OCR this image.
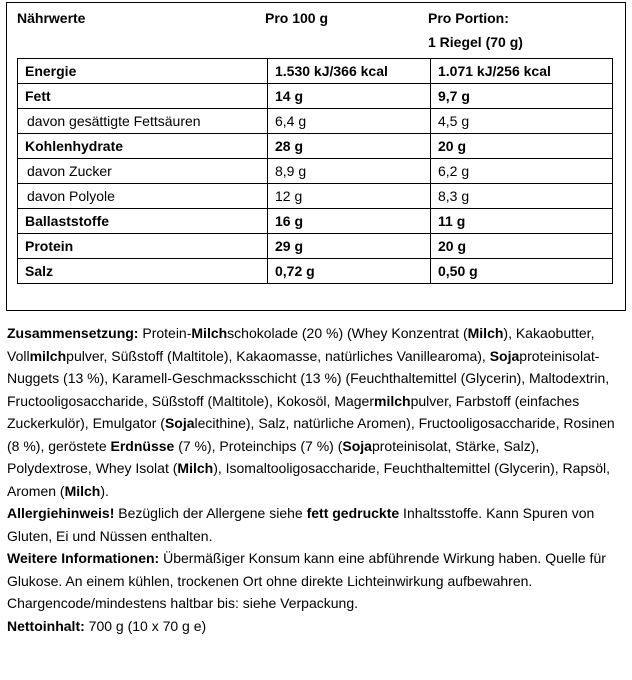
Nährwerte	Pro 100 g	Pro Portion:
1 Riegel (70 g)
Energie	1.530 kJ/366 kcal	1.071 kJ/256 kcal
Fett	14 g	9,7 g
davon gesättigte Fettsäuren	6,4 g	4,5 g
Kohlenhydrate	28 g	20 g
davon Zucker	8,9 g	6,2 g
davon Polyole	12 g	8,3 g
Ballaststoffe	16 g	11 g
Protein	29 g	20 g
Salz	0,72 g	0,50 g

Zusammensetzung: Protein-Milchschokolade (20 %) (Whey Konzentrat (Milch), Kakaobutter, Vollmilchpulver, Süßstoff (Maltitole), Kakaomasse, natürliches Vanillearoma), Sojaproteinisolat-Nuggets (13 %), Karamell-Geschmacksschicht (13 %) (Feuchthaltemittel (Glycerin), Maltodextrin, Fructooligosaccharide, Süßstoff (Maltitole), Kokosöl, Magermilchpulver, Farbstoff (einfaches Zuckerkulör), Emulgator (Sojalecithine), Salz, natürliche Aromen), Fructooligosaccharide, Rosinen (8 %), geröstete Erdnüsse (7 %), Proteinchips (7 %) (Sojaproteinisolat, Stärke, Salz), Polydextrose, Whey Isolat (Milch), Isomaltooligosaccharide, Feuchthaltemittel (Glycerin), Rapsöl, Aromen (Milch).

Allergiehinweis! Bezüglich der Allergene siehe fett gedruckte Inhaltsstoffe. Kann Spuren von Gluten, Ei und Nüssen enthalten.

Weitere Informationen: Übermäßiger Konsum kann eine abführende Wirkung haben. Quelle für Glukose. An einem kühlen, trockenen Ort ohne direkte Lichteinwirkung aufbewahren. Chargencode/mindestens haltbar bis: siehe Verpackung.

Nettoinhalt: 700 g (10 x 70 g e)
